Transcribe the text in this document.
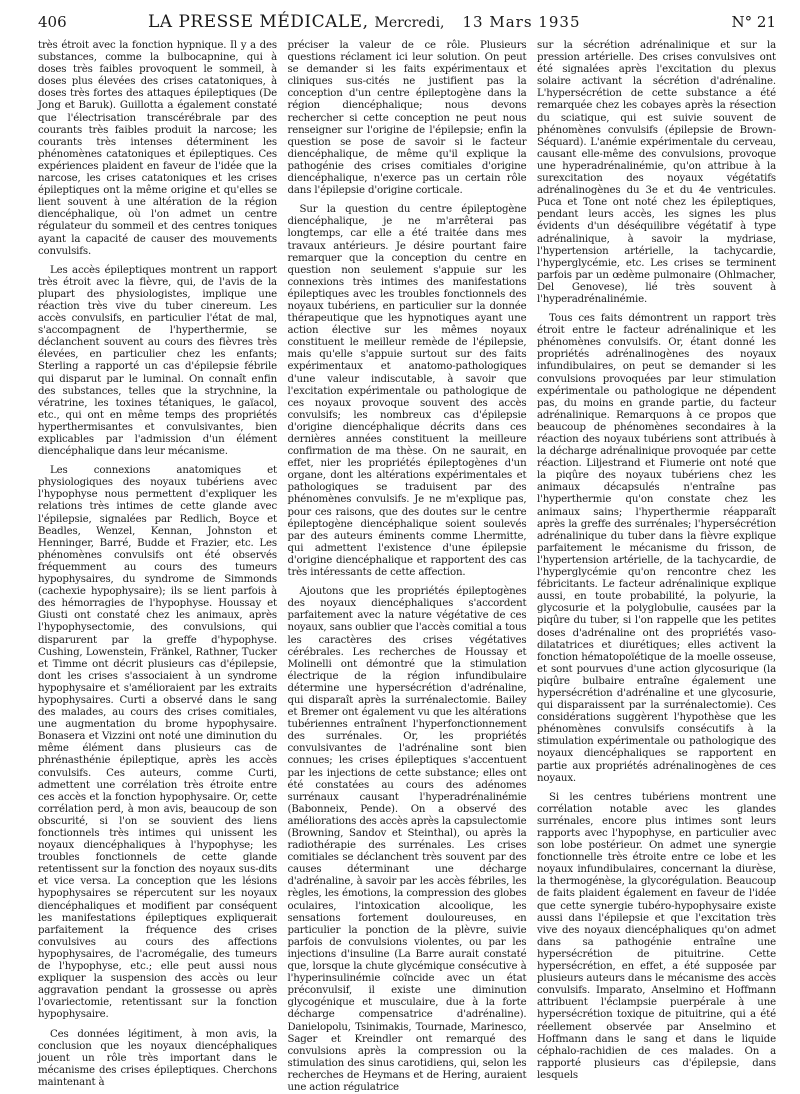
406	LA PRESSE MÉDICALE, Mercredi, 13 Mars 1935	N° 21

très étroit avec la fonction hypnique. Il y a des substances, comme la bulbocapnine, qui à doses très faibles provoquent le sommeil, à doses plus élevées des crises catatoniques, à doses très fortes des attaques épileptiques (De Jong et Baruk). Guillotta a également constaté que l'électrisation transcérébrale par des courants très faibles produit la narcose; les courants très intenses déterminent les phénomènes catatoniques et épileptiques. Ces expériences plaident en faveur de l'idée que la narcose, les crises catatoniques et les crises épileptiques ont la même origine et qu'elles se lient souvent à une altération de la région diencéphalique, où l'on admet un centre régulateur du sommeil et des centres toniques ayant la capacité de causer des mouvements convulsifs.

Les accès épileptiques montrent un rapport très étroit avec la fièvre, qui, de l'avis de la plupart des physiologistes, implique une réaction très vive du tuber cinereum. Les accès convulsifs, en particulier l'état de mal, s'accompagnent de l'hyperthermie, se déclanchent souvent au cours des fièvres très élevées, en particulier chez les enfants; Sterling a rapporté un cas d'épilepsie fébrile qui disparut par le luminal. On connaît enfin des substances, telles que la strychnine, la vératrine, les toxines tétaniques, le gaïacol, etc., qui ont en même temps des propriétés hyperthermisantes et convulsivantes, bien explicables par l'admission d'un élément diencéphalique dans leur mécanisme.

Les connexions anatomiques et physiologiques des noyaux tubériens avec l'hypophyse nous permettent d'expliquer les relations très intimes de cette glande avec l'épilepsie, signalées par Redlich, Boyce et Beadles, Wenzel, Kennan, Johnston et Henninger, Barré, Budde et Frazier, etc. Les phénomènes convulsifs ont été observés fréquemment au cours des tumeurs hypophysaires, du syndrome de Simmonds (cachexie hypophysaire); ils se lient parfois à des hémorragies de l'hypophyse. Houssay et Giusti ont constaté chez les animaux, après l'hypophysectomie, des convulsions, qui disparurent par la greffe d'hypophyse. Cushing, Lowenstein, Fränkel, Rathner, Tucker et Timme ont décrit plusieurs cas d'épilepsie, dont les crises s'associaient à un syndrome hypophysaire et s'amélioraient par les extraits hypophysaires. Curti a observé dans le sang des malades, au cours des crises comitiales, une augmentation du brome hypophysaire. Bonasera et Vizzini ont noté une diminution du même élément dans plusieurs cas de phrénasthénie épileptique, après les accès convulsifs. Ces auteurs, comme Curti, admettent une corrélation très étroite entre ces accès et la fonction hypophysaire. Or, cette corrélation perd, à mon avis, beaucoup de son obscurité, si l'on se souvient des liens fonctionnels très intimes qui unissent les noyaux diencéphaliques à l'hypophyse; les troubles fonctionnels de cette glande retentissent sur la fonction des noyaux sus-dits et vice versa. La conception que les lésions hypophysaires se répercutent sur les noyaux diencéphaliques et modifient par conséquent les manifestations épileptiques expliquerait parfaitement la fréquence des crises convulsives au cours des affections hypophysaires, de l'acromégalie, des tumeurs de l'hypophyse, etc.; elle peut aussi nous expliquer la suspension des accès ou leur aggravation pendant la grossesse ou après l'ovariectomie, retentissant sur la fonction hypophysaire.

Ces données légitiment, à mon avis, la conclusion que les noyaux diencéphaliques jouent un rôle très important dans le mécanisme des crises épileptiques. Cherchons maintenant à

préciser la valeur de ce rôle. Plusieurs questions réclament ici leur solution. On peut se demander si les faits expérimentaux et cliniques sus-cités ne justifient pas la conception d'un centre épileptogène dans la région diencéphalique; nous devons rechercher si cette conception ne peut nous renseigner sur l'origine de l'épilepsie; enfin la question se pose de savoir si le facteur diencéphalique, de même qu'il explique la pathogénie des crises comitiales d'origine diencéphalique, n'exerce pas un certain rôle dans l'épilepsie d'origine corticale.

Sur la question du centre épileptogène diencéphalique, je ne m'arrêterai pas longtemps, car elle a été traitée dans mes travaux antérieurs. Je désire pourtant faire remarquer que la conception du centre en question non seulement s'appuie sur les connexions très intimes des manifestations épileptiques avec les troubles fonctionnels des noyaux tubériens, en particulier sur la donnée thérapeutique que les hypnotiques ayant une action élective sur les mêmes noyaux constituent le meilleur remède de l'épilepsie, mais qu'elle s'appuie surtout sur des faits expérimentaux et anatomo-pathologiques d'une valeur indiscutable, à savoir que l'excitation expérimentale ou pathologique de ces noyaux provoque souvent des accès convulsifs; les nombreux cas d'épilepsie d'origine diencéphalique décrits dans ces dernières années constituent la meilleure confirmation de ma thèse. On ne saurait, en effet, nier les propriétés épileptogènes d'un organe, dont les altérations expérimentales et pathologiques se traduisent par des phénomènes convulsifs. Je ne m'explique pas, pour ces raisons, que des doutes sur le centre épileptogène diencéphalique soient soulevés par des auteurs éminents comme Lhermitte, qui admettent l'existence d'une épilepsie d'origine diencéphalique et rapportent des cas très intéressants de cette affection.

Ajoutons que les propriétés épileptogènes des noyaux diencéphaliques s'accordent parfaitement avec la nature végétative de ces noyaux, sans oublier que l'accès comitial a tous les caractères des crises végétatives cérébrales. Les recherches de Houssay et Molinelli ont démontré que la stimulation électrique de la région infundibulaire détermine une hypersécrétion d'adrénaline, qui disparaît après la surrénalectomie. Bailey et Bremer ont également vu que les altérations tubériennes entraînent l'hyperfonctionnement des surrénales. Or, les propriétés convulsivantes de l'adrénaline sont bien connues; les crises épileptiques s'accentuent par les injections de cette substance; elles ont été constatées au cours des adénomes surrénaux causant l'hyperadrénalinémie (Babonneix, Pende). On a observé des améliorations des accès après la capsulectomie (Browning, Sandov et Steinthal), ou après la radiothérapie des surrénales. Les crises comitiales se déclanchent très souvent par des causes déterminant une décharge d'adrénaline, à savoir par les accès fébriles, les règles, les émotions, la compression des globes oculaires, l'intoxication alcoolique, les sensations fortement douloureuses, en particulier la ponction de la plèvre, suivie parfois de convulsions violentes, ou par les injections d'insuline (La Barre aurait constaté que, lorsque la chute glycémique consécutive à l'hyperinsulinémie coïncide avec un état préconvulsif, il existe une diminution glycogénique et musculaire, due à la forte décharge compensatrice d'adrénaline). Danielopolu, Tsinimakis, Tournade, Marinesco, Sager et Kreindler ont remarqué des convulsions après la compression ou la stimulation des sinus carotidiens, qui, selon les recherches de Heymans et de Hering, auraient une action régulatrice

sur la sécrétion adrénalinique et sur la pression artérielle. Des crises convulsives ont été signalées après l'excitation du plexus solaire activant la sécrétion d'adrénaline. L'hypersécrétion de cette substance a été remarquée chez les cobayes après la résection du sciatique, qui est suivie souvent de phénomènes convulsifs (épilepsie de Brown-Séquard). L'anémie expérimentale du cerveau, causant elle-même des convulsions, provoque une hyperadrénalinémie, qu'on attribue à la surexcitation des noyaux végétatifs adrénalinogènes du 3e et du 4e ventricules. Puca et Tone ont noté chez les épileptiques, pendant leurs accès, les signes les plus évidents d'un déséquilibre végétatif à type adrénalinique, à savoir la mydriase, l'hypertension artérielle, la tachycardie, l'hyperglycémie, etc. Les crises se terminent parfois par un œdème pulmonaire (Ohlmacher, Del Genovese), lié très souvent à l'hyperadrénalinémie.

Tous ces faits démontrent un rapport très étroit entre le facteur adrénalinique et les phénomènes convulsifs. Or, étant donné les propriétés adrénalinogènes des noyaux infundibulaires, on peut se demander si les convulsions provoquées par leur stimulation expérimentale ou pathologique ne dépendent pas, du moins en grande partie, du facteur adrénalinique. Remarquons à ce propos que beaucoup de phénomènes secondaires à la réaction des noyaux tubériens sont attribués à la décharge adrénalinique provoquée par cette réaction. Liljestrand et Fiumerie ont noté que la piqûre des noyaux tubériens chez les animaux décapsulés n'entraîne pas l'hyperthermie qu'on constate chez les animaux sains; l'hyperthermie réapparaît après la greffe des surrénales; l'hypersécrétion adrénalinique du tuber dans la fièvre explique parfaitement le mécanisme du frisson, de l'hypertension artérielle, de la tachycardie, de l'hyperglycémie qu'on rencontre chez les fébricitants. Le facteur adrénalinique explique aussi, en toute probabilité, la polyurie, la glycosurie et la polyglobulie, causées par la piqûre du tuber, si l'on rappelle que les petites doses d'adrénaline ont des propriétés vaso-dilatatrices et diurétiques; elles activent la fonction hématopoïétique de la moelle osseuse, et sont pourvues d'une action glycosurique (la piqûre bulbaire entraîne également une hypersécrétion d'adrénaline et une glycosurie, qui disparaissent par la surrénalectomie). Ces considérations suggèrent l'hypothèse que les phénomènes convulsifs consécutifs à la stimulation expérimentale ou pathologique des noyaux diencéphaliques se rapportent en partie aux propriétés adrénalinogènes de ces noyaux.

Si les centres tubériens montrent une corrélation notable avec les glandes surrénales, encore plus intimes sont leurs rapports avec l'hypophyse, en particulier avec son lobe postérieur. On admet une synergie fonctionnelle très étroite entre ce lobe et les noyaux infundibulaires, concernant la diurèse, la thermogénèse, la glycorégulation. Beaucoup de faits plaident également en faveur de l'idée que cette synergie tubéro-hypophysaire existe aussi dans l'épilepsie et que l'excitation très vive des noyaux diencéphaliques qu'on admet dans sa pathogénie entraîne une hypersécrétion de pituitrine. Cette hypersécrétion, en effet, a été supposée par plusieurs auteurs dans le mécanisme des accès convulsifs. Imparato, Anselmino et Hoffmann attribuent l'éclampsie puerpérale à une hypersécrétion toxique de pituitrine, qui a été réellement observée par Anselmino et Hoffmann dans le sang et dans le liquide céphalo-rachidien de ces malades. On a rapporté plusieurs cas d'épilepsie, dans lesquels
